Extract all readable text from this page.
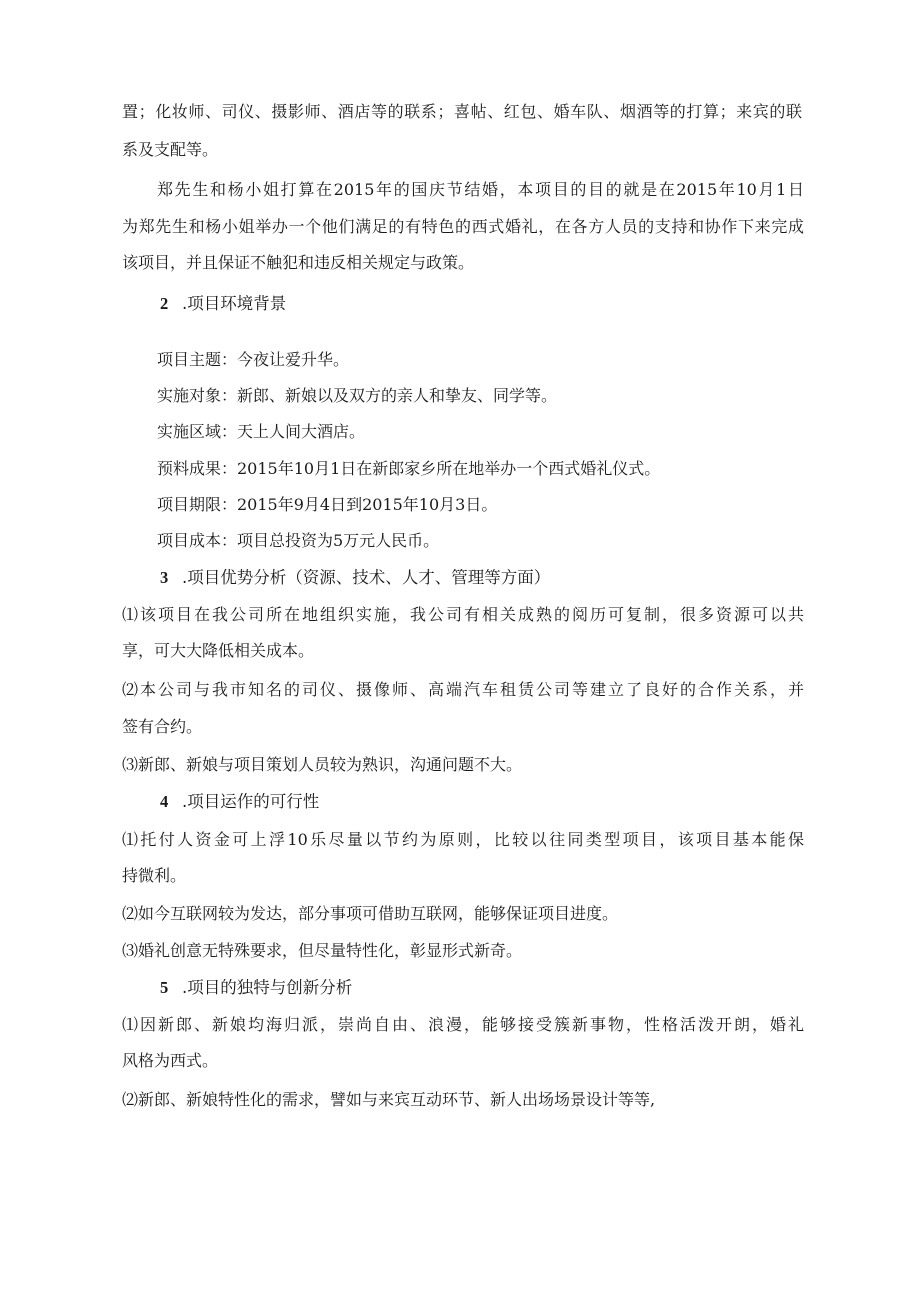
置；化妆师、司仪、摄影师、酒店等的联系；喜帖、红包、婚车队、烟酒等的打算；来宾的联
系及支配等。
郑先生和杨小姐打算在2015年的国庆节结婚，本项目的目的就是在2015年10月1日
为郑先生和杨小姐举办一个他们满足的有特色的西式婚礼，在各方人员的支持和协作下来完成
该项目，并且保证不触犯和违反相关规定与政策。
2 .项目环境背景
项目主题：今夜让爱升华。
实施对象：新郎、新娘以及双方的亲人和挚友、同学等。
实施区域：天上人间大酒店。
预料成果：2015年10月1日在新郎家乡所在地举办一个西式婚礼仪式。
项目期限：2015年9月4日到2015年10月3日。
项目成本：项目总投资为5万元人民币。
3 .项目优势分析（资源、技术、人才、管理等方面）
⑴该项目在我公司所在地组织实施，我公司有相关成熟的阅历可复制，很多资源可以共
享，可大大降低相关成本。
⑵本公司与我市知名的司仪、摄像师、高端汽车租赁公司等建立了良好的合作关系，并
签有合约。
⑶新郎、新娘与项目策划人员较为熟识，沟通问题不大。
4 .项目运作的可行性
⑴托付人资金可上浮10乐尽量以节约为原则，比较以往同类型项目，该项目基本能保
持微利。
⑵如今互联网较为发达，部分事项可借助互联网，能够保证项目进度。
⑶婚礼创意无特殊要求，但尽量特性化，彰显形式新奇。
5 .项目的独特与创新分析
⑴因新郎、新娘均海归派，崇尚自由、浪漫，能够接受簇新事物，性格活泼开朗，婚礼
风格为西式。
⑵新郎、新娘特性化的需求，譬如与来宾互动环节、新人出场场景设计等等,
